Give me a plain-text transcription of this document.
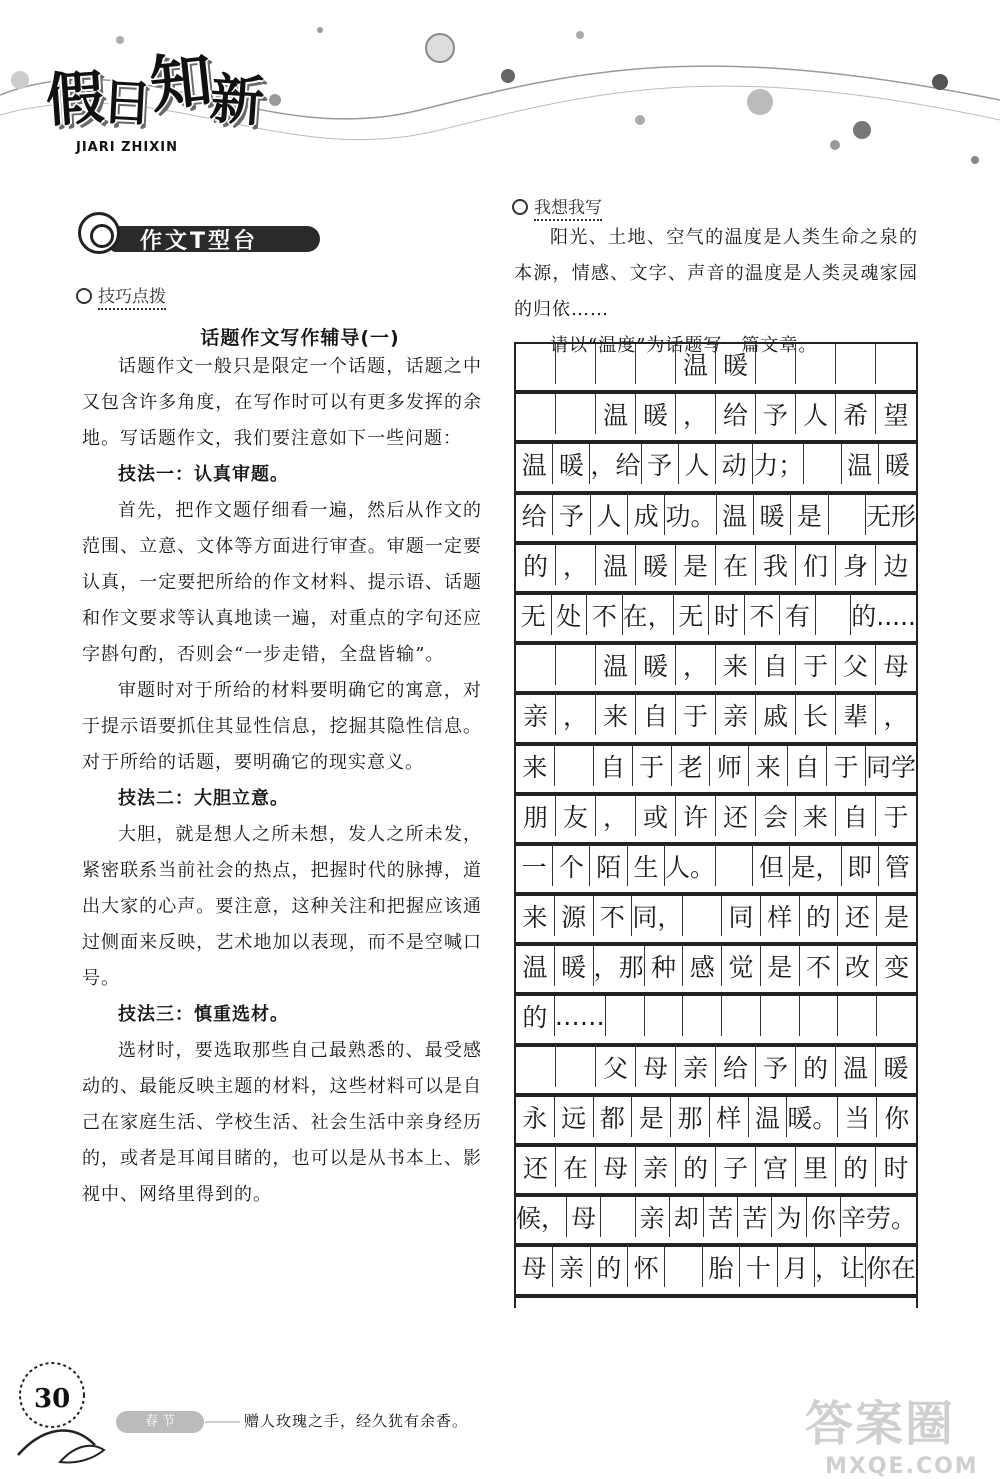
假
日
知
新
JIARI ZHIXIN
作文T型台
技巧点拨
话题作文写作辅导(一)

话题作文一般只是限定一个话题，话题之中又包含许多角度，在写作时可以有更多发挥的余地。写话题作文，我们要注意如下一些问题：

技法一：认真审题。

首先，把作文题仔细看一遍，然后从作文的范围、立意、文体等方面进行审查。审题一定要认真，一定要把所给的作文材料、提示语、话题和作文要求等认真地读一遍，对重点的字句还应字斟句酌，否则会“一步走错，全盘皆输”。

审题时对于所给的材料要明确它的寓意，对于提示语要抓住其显性信息，挖掘其隐性信息。对于所给的话题，要明确它的现实意义。

技法二：大胆立意。

大胆，就是想人之所未想，发人之所未发，紧密联系当前社会的热点，把握时代的脉搏，道出大家的心声。要注意，这种关注和把握应该通过侧面来反映，艺术地加以表现，而不是空喊口号。

技法三：慎重选材。

选材时，要选取那些自己最熟悉的、最受感动的、最能反映主题的材料，这些材料可以是自己在家庭生活、学校生活、社会生活中亲身经历的，或者是耳闻目睹的，也可以是从书本上、影视中、网络里得到的。

我想我写

阳光、土地、空气的温度是人类生命之泉的本源，情感、文字、声音的温度是人类灵魂家园的归依……

请以“温度”为话题写一篇文章。

温 暖
温 暖 ， 给 予 人 希 望
温 暖 ，给 予 人 动 力； 温 暖
给 予 人 成 功。 温 暖 是 无形
的 ， 温 暖 是 在 我 们 身 边
无 处 不 在， 无 时 不 有 的.....
温 暖 ， 来 自 于 父 母
亲 ， 来 自 于 亲 戚 长 辈 ，
来 自 于 老 师 来 自 于 同学
朋 友 ， 或 许 还 会 来 自 于
一 个 陌 生 人。 但 是， 即 管
来 源 不 同， 同 样 的 还 是
温 暖 ，那 种 感 觉 是 不 改 变
的 ……
父 母 亲 给 予 的 温 暖
永 远 都 是 那 样 温 暖。 当 你
还 在 母 亲 的 子 宫 里 的 时
候， 母 亲 却 苦 苦 为 你 辛劳。
母 亲 的 怀 胎 十 月 ，让 你在
30
春 节	赠人玫瑰之手，经久犹有余香。	答案圈
MXQE.COM
